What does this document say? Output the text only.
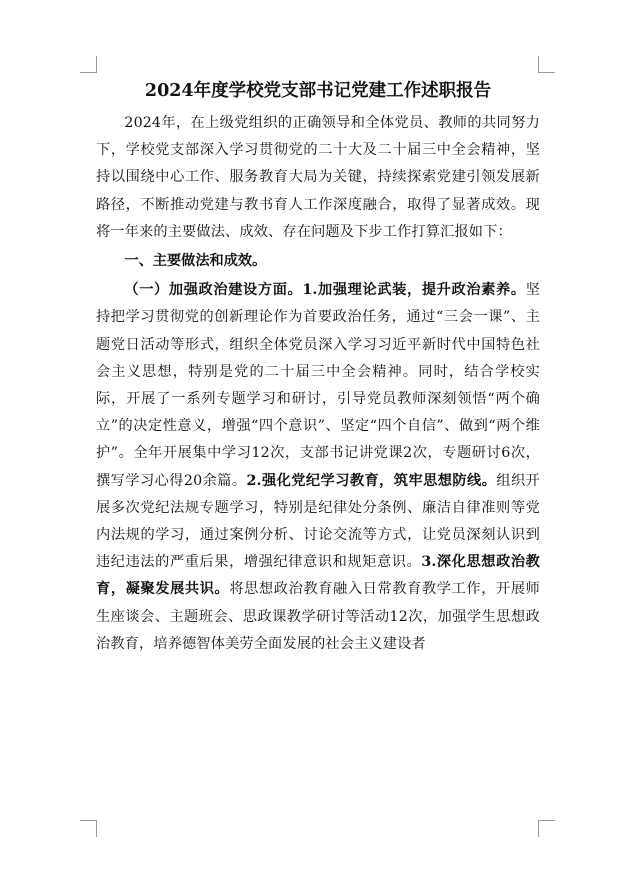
2024年度学校党支部书记党建工作述职报告

2024年，在上级党组织的正确领导和全体党员、教师的共同努力下，学校党支部深入学习贯彻党的二十大及二十届三中全会精神，坚持以围绕中心工作、服务教育大局为关键，持续探索党建引领发展新路径，不断推动党建与教书育人工作深度融合，取得了显著成效。现将一年来的主要做法、成效、存在问题及下步工作打算汇报如下：

一、主要做法和成效。

（一）加强政治建设方面。1.加强理论武装，提升政治素养。坚持把学习贯彻党的创新理论作为首要政治任务，通过“三会一课”、主题党日活动等形式，组织全体党员深入学习习近平新时代中国特色社会主义思想，特别是党的二十届三中全会精神。同时，结合学校实际，开展了一系列专题学习和研讨，引导党员教师深刻领悟“两个确立”的决定性意义，增强“四个意识”、坚定“四个自信”、做到“两个维护”。全年开展集中学习12次，支部书记讲党课2次，专题研讨6次，撰写学习心得20余篇。2.强化党纪学习教育，筑牢思想防线。组织开展多次党纪法规专题学习，特别是纪律处分条例、廉洁自律准则等党内法规的学习，通过案例分析、讨论交流等方式，让党员深刻认识到违纪违法的严重后果，增强纪律意识和规矩意识。3.深化思想政治教育，凝聚发展共识。将思想政治教育融入日常教育教学工作，开展师生座谈会、主题班会、思政课教学研讨等活动12次，加强学生思想政治教育，培养德智体美劳全面发展的社会主义建设者
